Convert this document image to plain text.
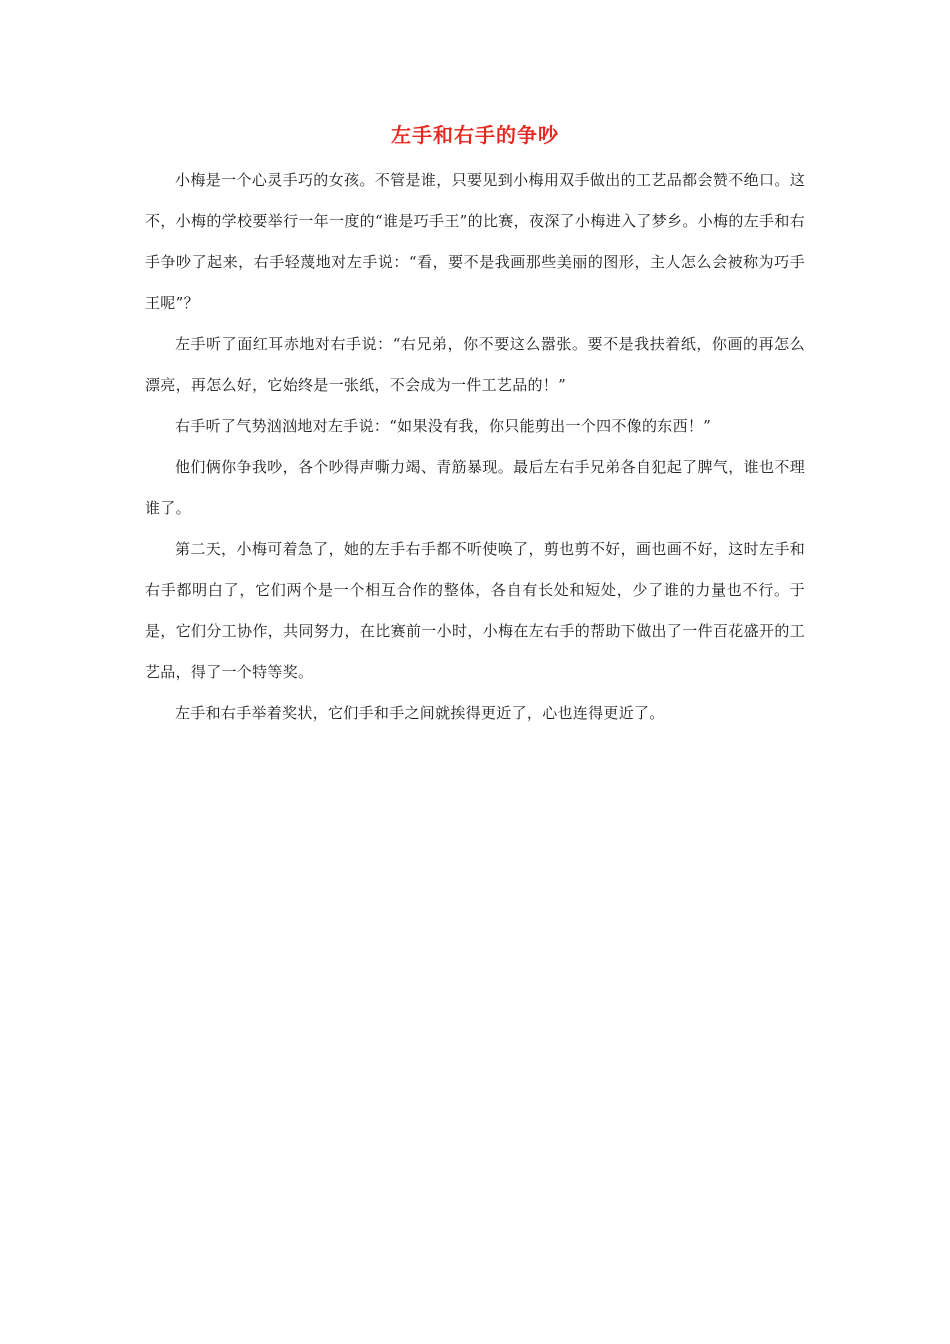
左手和右手的争吵

小梅是一个心灵手巧的女孩。不管是谁，只要见到小梅用双手做出的工艺品都会赞不绝口。这不，小梅的学校要举行一年一度的“谁是巧手王”的比赛，夜深了小梅进入了梦乡。小梅的左手和右手争吵了起来，右手轻蔑地对左手说：“看，要不是我画那些美丽的图形，主人怎么会被称为巧手王呢”？

左手听了面红耳赤地对右手说：“右兄弟，你不要这么嚣张。要不是我扶着纸，你画的再怎么漂亮，再怎么好，它始终是一张纸，不会成为一件工艺品的！”

右手听了气势汹汹地对左手说：“如果没有我，你只能剪出一个四不像的东西！”

他们俩你争我吵，各个吵得声嘶力竭、青筋暴现。最后左右手兄弟各自犯起了脾气，谁也不理谁了。

第二天，小梅可着急了，她的左手右手都不听使唤了，剪也剪不好，画也画不好，这时左手和右手都明白了，它们两个是一个相互合作的整体，各自有长处和短处，少了谁的力量也不行。于是，它们分工协作，共同努力，在比赛前一小时，小梅在左右手的帮助下做出了一件百花盛开的工艺品，得了一个特等奖。

左手和右手举着奖状，它们手和手之间就挨得更近了，心也连得更近了。
